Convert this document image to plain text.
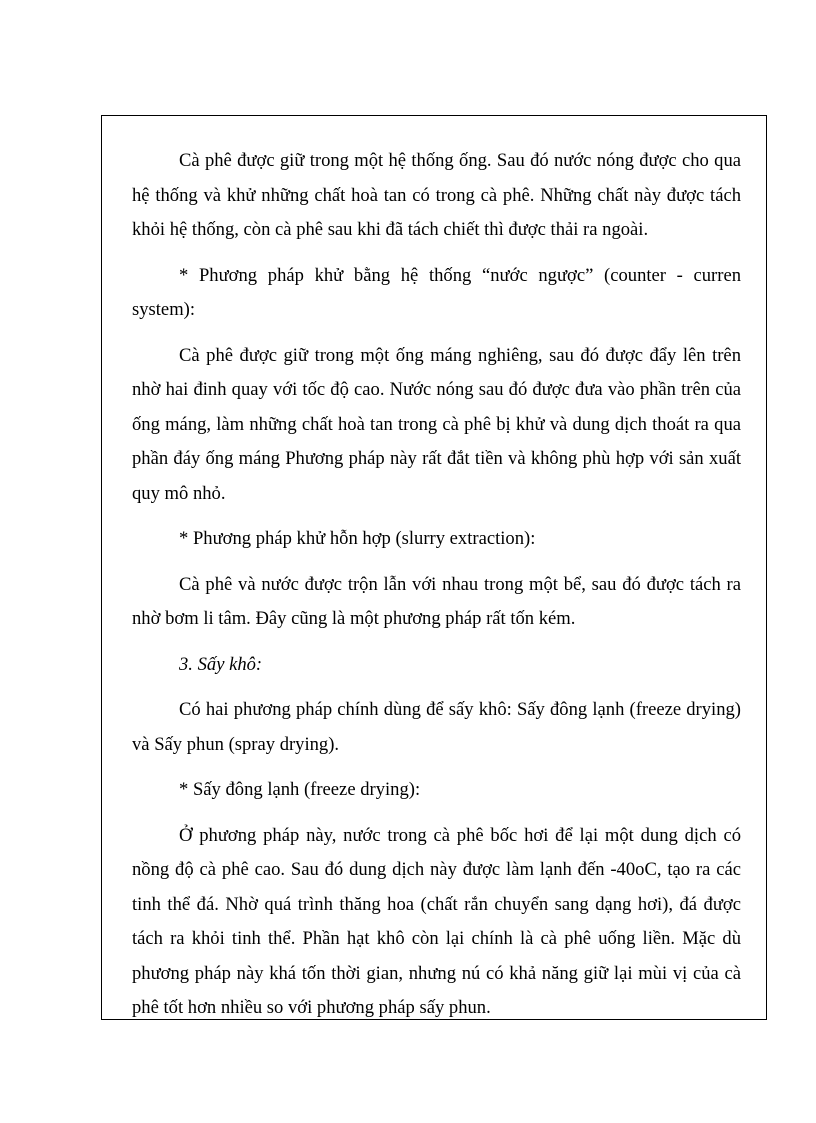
Cà phê được giữ trong một hệ thống ống. Sau đó nước nóng được cho qua hệ thống và khử những chất hoà tan có trong cà phê. Những chất này được tách khỏi hệ thống, còn cà phê sau khi đã tách chiết thì được thải ra ngoài.

* Phương pháp khử bằng hệ thống “nước ngược” (counter - curren system):

Cà phê được giữ trong một ống máng nghiêng, sau đó được đẩy lên trên nhờ hai đinh quay với tốc độ cao. Nước nóng sau đó được đưa vào phần trên của ống máng, làm những chất hoà tan trong cà phê bị khử và dung dịch thoát ra qua phần đáy ống máng Phương pháp này rất đắt tiền và không phù hợp với sản xuất quy mô nhỏ.

* Phương pháp khử hỗn hợp (slurry extraction):

Cà phê và nước được trộn lẫn với nhau trong một bể, sau đó được tách ra nhờ bơm li tâm. Đây cũng là một phương pháp rất tốn kém.

3. Sấy khô:

Có hai phương pháp chính dùng để sấy khô: Sấy đông lạnh (freeze drying) và Sấy phun (spray drying).

* Sấy đông lạnh (freeze drying):

Ở phương pháp này, nước trong cà phê bốc hơi để lại một dung dịch có nồng độ cà phê cao. Sau đó dung dịch này được làm lạnh đến -40oC, tạo ra các tinh thể đá. Nhờ quá trình thăng hoa (chất rắn chuyển sang dạng hơi), đá được tách ra khỏi tinh thể. Phần hạt khô còn lại chính là cà phê uống liền. Mặc dù phương pháp này khá tốn thời gian, nhưng nú có khả năng giữ lại mùi vị của cà phê tốt hơn nhiều so với phương pháp sấy phun.
